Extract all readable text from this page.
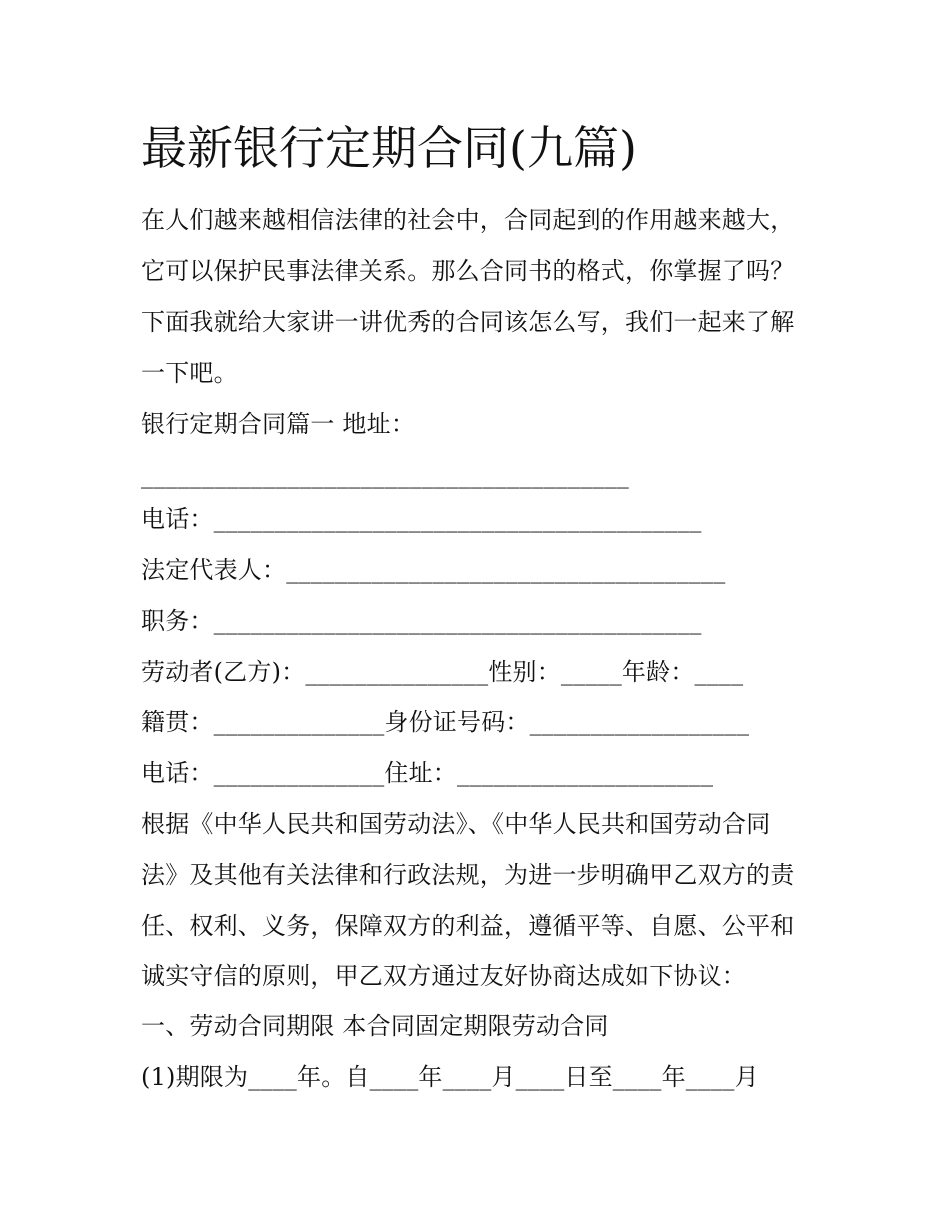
最新银行定期合同(九篇)
在人们越来越相信法律的社会中，合同起到的作用越来越大，
它可以保护民事法律关系。那么合同书的格式，你掌握了吗？
下面我就给大家讲一讲优秀的合同该怎么写，我们一起来了解
一下吧。
银行定期合同篇一 地址：
________________________________________
电话：________________________________________
法定代表人：____________________________________
职务：________________________________________
劳动者(乙方)：_______________性别：_____年龄：____
籍贯：______________身份证号码：__________________
电话：______________住址：_____________________
根据《中华人民共和国劳动法》、《中华人民共和国劳动合同
法》及其他有关法律和行政法规，为进一步明确甲乙双方的责
任、权利、义务，保障双方的利益，遵循平等、自愿、公平和
诚实守信的原则，甲乙双方通过友好协商达成如下协议：
一、劳动合同期限 本合同固定期限劳动合同
(1)期限为____年。自____年____月____日至____年____月
